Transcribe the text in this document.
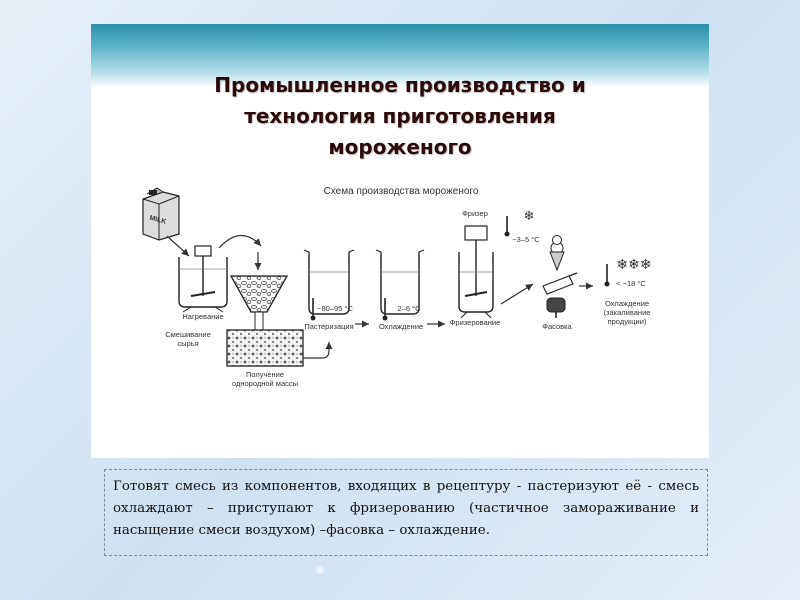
Промышленное производство и
технология приготовления
мороженого
Схема производства мороженого
MILK
Нагревание
Смешивание
сырья
Получение
однородной массы
~80–95 °C
Пастеризация
2–6 °C
Охлаждение
Фризер	❄
~3–5 °C
Фризерование	Фасовка
❄❄❄
< ~18 °C
Охлаждение
(закаливание
продукции)
Готовят смесь из компонентов, входящих в рецептуру - пастеризуют её - смесь охлаждают – приступают к фризерованию (частичное замораживание и насыщение смеси воздухом) –фасовка – охлаждение.
